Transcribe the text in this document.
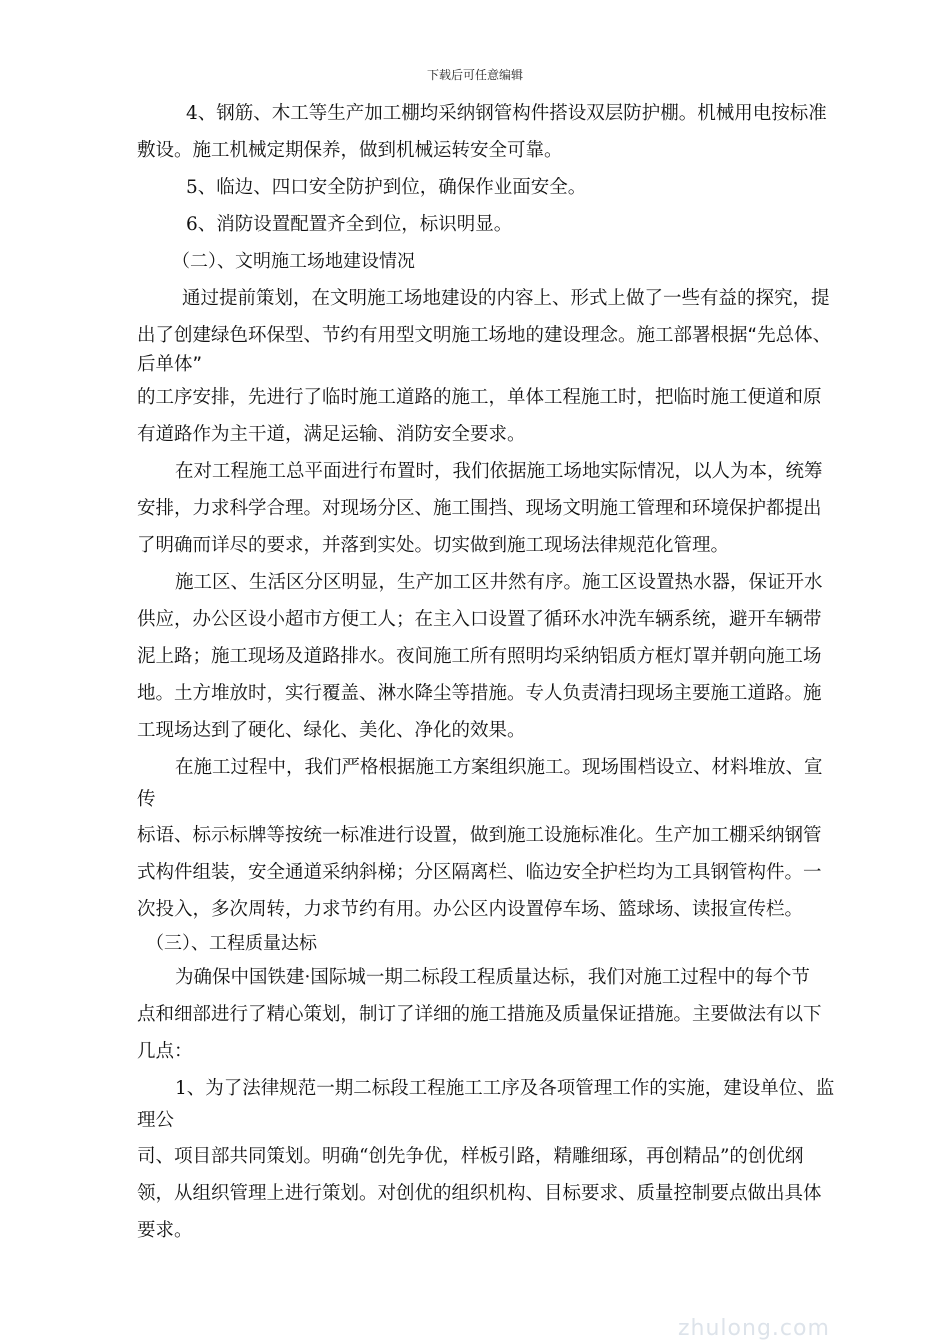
下载后可任意编辑
4、钢筋、木工等生产加工棚均采纳钢管构件搭设双层防护棚。机械用电按标准
敷设。施工机械定期保养，做到机械运转安全可靠。
5、临边、四口安全防护到位，确保作业面安全。
6、消防设置配置齐全到位，标识明显。
（二）、文明施工场地建设情况
通过提前策划，在文明施工场地建设的内容上、形式上做了一些有益的探究，提
出了创建绿色环保型、节约有用型文明施工场地的建设理念。施工部署根据“先总体、
后单体”
的工序安排，先进行了临时施工道路的施工，单体工程施工时，把临时施工便道和原
有道路作为主干道，满足运输、消防安全要求。
在对工程施工总平面进行布置时，我们依据施工场地实际情况，以人为本，统筹
安排，力求科学合理。对现场分区、施工围挡、现场文明施工管理和环境保护都提出
了明确而详尽的要求，并落到实处。切实做到施工现场法律规范化管理。
施工区、生活区分区明显，生产加工区井然有序。施工区设置热水器，保证开水
供应，办公区设小超市方便工人；在主入口设置了循环水冲洗车辆系统，避开车辆带
泥上路；施工现场及道路排水。夜间施工所有照明均采纳铝质方框灯罩并朝向施工场
地。土方堆放时，实行覆盖、淋水降尘等措施。专人负责清扫现场主要施工道路。施
工现场达到了硬化、绿化、美化、净化的效果。
在施工过程中，我们严格根据施工方案组织施工。现场围档设立、材料堆放、宣
传
标语、标示标牌等按统一标准进行设置，做到施工设施标准化。生产加工棚采纳钢管
式构件组装，安全通道采纳斜梯；分区隔离栏、临边安全护栏均为工具钢管构件。一
次投入，多次周转，力求节约有用。办公区内设置停车场、篮球场、读报宣传栏。
（三）、工程质量达标
为确保中国铁建·国际城一期二标段工程质量达标，我们对施工过程中的每个节
点和细部进行了精心策划，制订了详细的施工措施及质量保证措施。主要做法有以下
几点：
1、为了法律规范一期二标段工程施工工序及各项管理工作的实施，建设单位、监
理公
司、项目部共同策划。明确“创先争优，样板引路，精雕细琢，再创精品”的创优纲
领，从组织管理上进行策划。对创优的组织机构、目标要求、质量控制要点做出具体
要求。
zhulong.com
